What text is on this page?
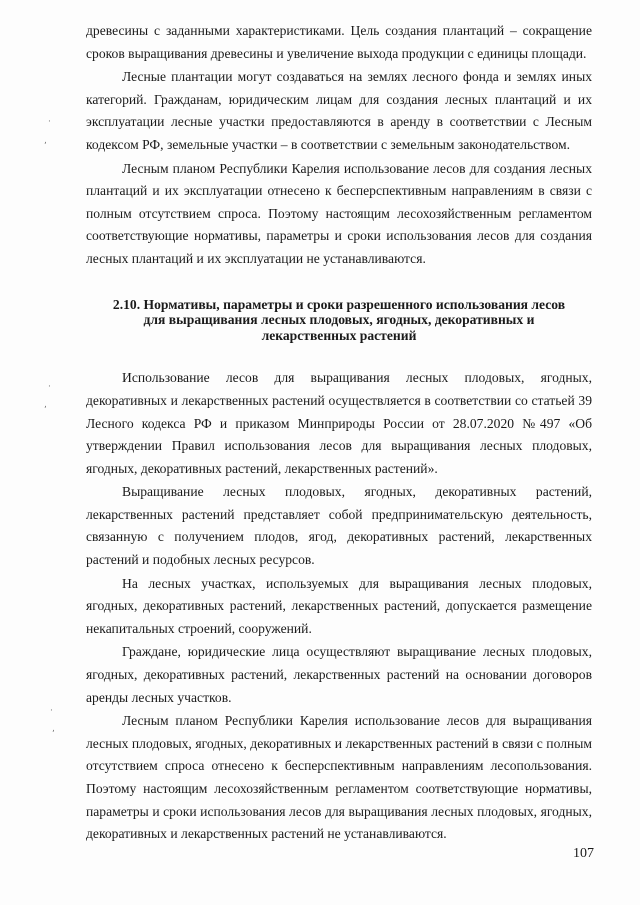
·
,
·
,
·
,

древесины с заданными характеристиками. Цель создания плантаций – сокращение сроков выращивания древесины и увеличение выхода продукции с единицы площади.

Лесные плантации могут создаваться на землях лесного фонда и землях иных категорий. Гражданам, юридическим лицам для создания лесных плантаций и их эксплуатации лесные участки предоставляются в аренду в соответствии с Лесным кодексом РФ, земельные участки – в соответствии с земельным законодательством.

Лесным планом Республики Карелия использование лесов для создания лесных плантаций и их эксплуатации отнесено к бесперспективным направлениям в связи с полным отсутствием спроса. Поэтому настоящим лесохозяйственным регламентом соответствующие нормативы, параметры и сроки использования лесов для создания лесных плантаций и их эксплуатации не устанавливаются.

2.10. Нормативы, параметры и сроки разрешенного использования лесов для выращивания лесных плодовых, ягодных, декоративных и лекарственных растений

Использование лесов для выращивания лесных плодовых, ягодных, декоративных и лекарственных растений осуществляется в соответствии со статьей 39 Лесного кодекса РФ и приказом Минприроды России от 28.07.2020 №497 «Об утверждении Правил использования лесов для выращивания лесных плодовых, ягодных, декоративных растений, лекарственных растений».

Выращивание лесных плодовых, ягодных, декоративных растений, лекарственных растений представляет собой предпринимательскую деятельность, связанную с получением плодов, ягод, декоративных растений, лекарственных растений и подобных лесных ресурсов.

На лесных участках, используемых для выращивания лесных плодовых, ягодных, декоративных растений, лекарственных растений, допускается размещение некапитальных строений, сооружений.

Граждане, юридические лица осуществляют выращивание лесных плодовых, ягодных, декоративных растений, лекарственных растений на основании договоров аренды лесных участков.

Лесным планом Республики Карелия использование лесов для выращивания лесных плодовых, ягодных, декоративных и лекарственных растений в связи с полным отсутствием спроса отнесено к бесперспективным направлениям лесопользования. Поэтому настоящим лесохозяйственным регламентом соответствующие нормативы, параметры и сроки использования лесов для выращивания лесных плодовых, ягодных, декоративных и лекарственных растений не устанавливаются.

107
